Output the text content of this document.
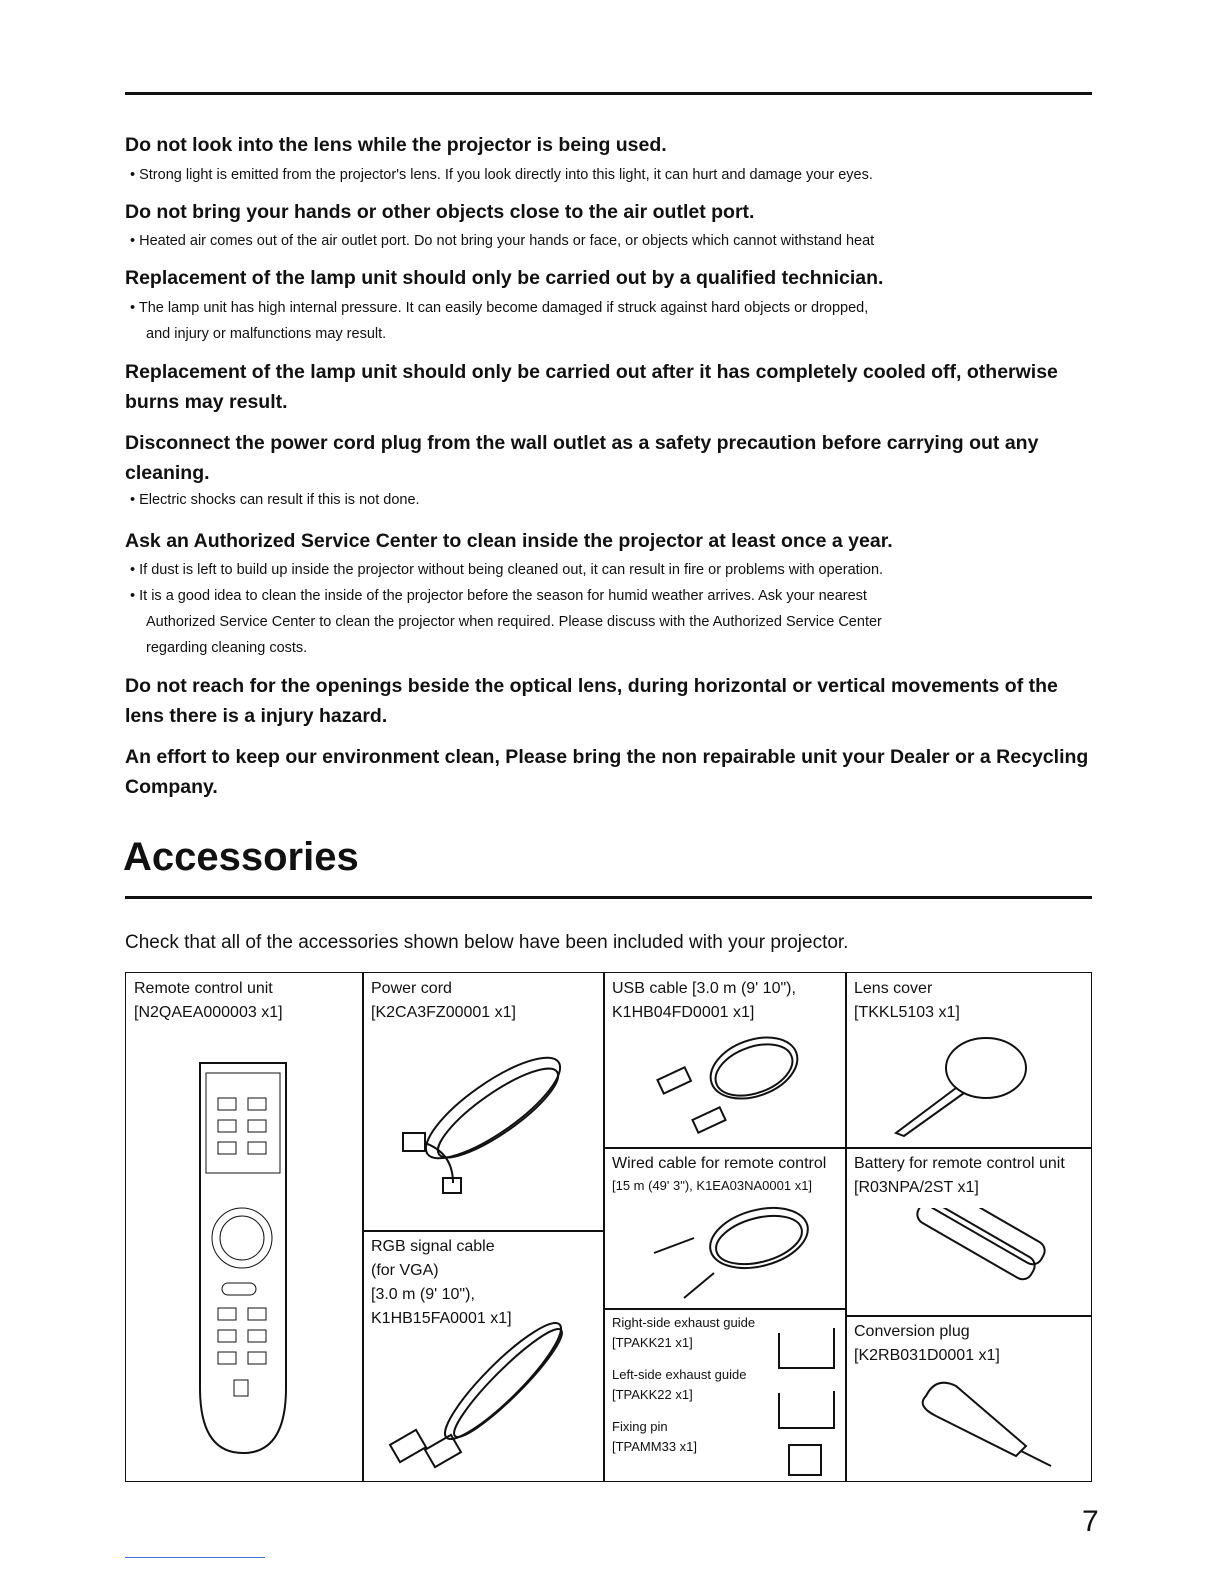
Do not look into the lens while the projector is being used.
• Strong light is emitted from the projector's lens. If you look directly into this light, it can hurt and damage your eyes.
Do not bring your hands or other objects close to the air outlet port.
• Heated air comes out of the air outlet port. Do not bring your hands or face, or objects which cannot withstand heat
Replacement of the lamp unit should only be carried out by a qualified technician.
• The lamp unit has high internal pressure. It can easily become damaged if struck against hard objects or dropped,
and injury or malfunctions may result.
Replacement of the lamp unit should only be carried out after it has completely cooled off, otherwise burns may result.
Disconnect the power cord plug from the wall outlet as a safety precaution before carrying out any cleaning.
• Electric shocks can result if this is not done.
Ask an Authorized Service Center to clean inside the projector at least once a year.
• If dust is left to build up inside the projector without being cleaned out, it can result in fire or problems with operation.
• It is a good idea to clean the inside of the projector before the season for humid weather arrives. Ask your nearest
Authorized Service Center to clean the projector when required. Please discuss with the Authorized Service Center
regarding cleaning costs.
Do not reach for the openings beside the optical lens, during horizontal or vertical movements of the lens there is a injury hazard.
An effort to keep our environment clean, Please bring the non repairable unit your Dealer or a Recycling Company.
Accessories
Check that all of the accessories shown below have been included with your projector.
Remote control unit
[N2QAEA000003 x1]
Power cord
[K2CA3FZ00001 x1]
RGB signal cable
(for VGA)
[3.0 m (9' 10"),
K1HB15FA0001 x1]
USB cable [3.0 m (9' 10"),
K1HB04FD0001 x1]
Wired cable for remote control
[15 m (49' 3"), K1EA03NA0001 x1]
Right-side exhaust guide
[TPAKK21 x1]
Left-side exhaust guide
[TPAKK22 x1]
Fixing pin
[TPAMM33 x1]
Lens cover
[TKKL5103 x1]
Battery for remote control unit
[R03NPA/2ST x1]
Conversion plug
[K2RB031D0001 x1]
7
